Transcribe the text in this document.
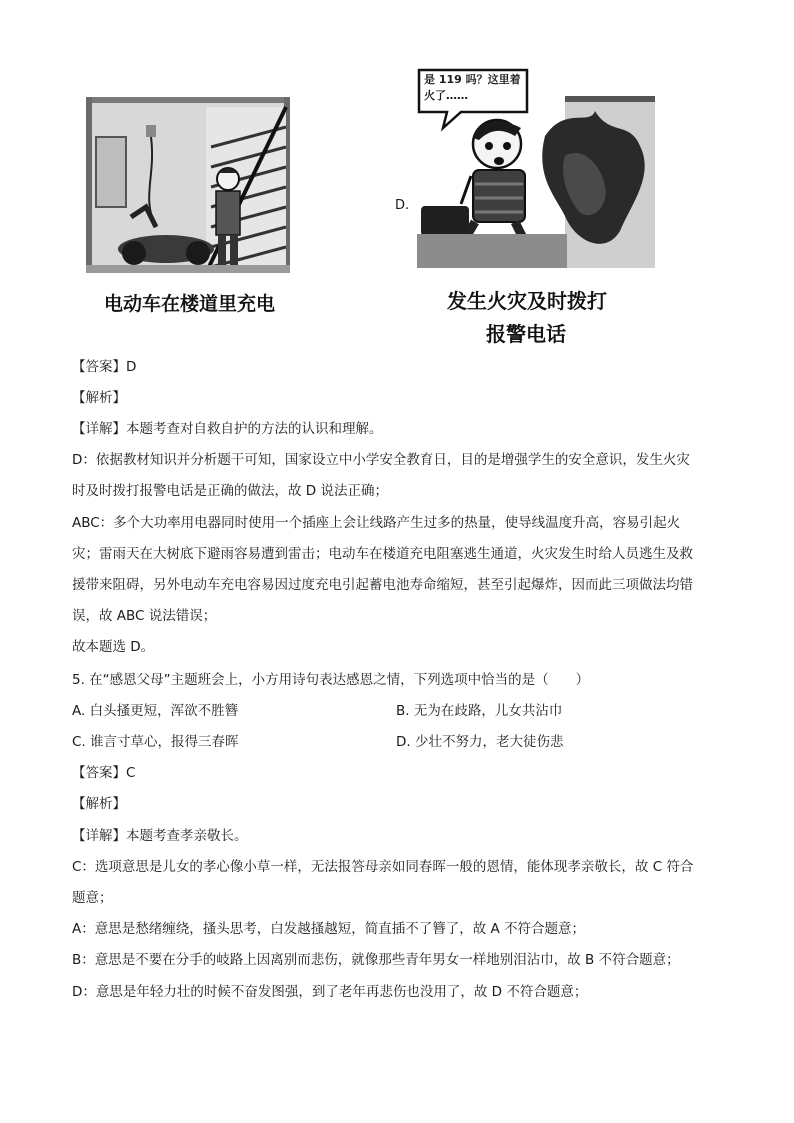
电动车在楼道里充电
D.
是 119 吗？这里着火了……
发生火灾及时拨打
报警电话
【答案】D
【解析】
【详解】本题考查对自救自护的方法的认识和理解。
D：依据教材知识并分析题干可知，国家设立中小学安全教育日，目的是增强学生的安全意识，发生火灾
时及时拨打报警电话是正确的做法，故 D 说法正确；
ABC：多个大功率用电器同时使用一个插座上会让线路产生过多的热量，使导线温度升高，容易引起火
灾；雷雨天在大树底下避雨容易遭到雷击；电动车在楼道充电阻塞逃生通道，火灾发生时给人员逃生及救
援带来阻碍，另外电动车充电容易因过度充电引起蓄电池寿命缩短，甚至引起爆炸，因而此三项做法均错
误，故 ABC 说法错误；
故本题选 D。
5. 在“感恩父母”主题班会上，小方用诗句表达感恩之情，下列选项中恰当的是（　　）
A. 白头搔更短，浑欲不胜簪	B. 无为在歧路，儿女共沾巾
C. 谁言寸草心，报得三春晖	D. 少壮不努力，老大徒伤悲
【答案】C
【解析】
【详解】本题考查孝亲敬长。
C：选项意思是儿女的孝心像小草一样，无法报答母亲如同春晖一般的恩情，能体现孝亲敬长，故 C 符合
题意；
A：意思是愁绪缠绕，搔头思考，白发越搔越短，简直插不了簪了，故 A 不符合题意；
B：意思是不要在分手的岐路上因离别而悲伤，就像那些青年男女一样地别泪沾巾，故 B 不符合题意；
D：意思是年轻力壮的时候不奋发图强，到了老年再悲伤也没用了，故 D 不符合题意；
